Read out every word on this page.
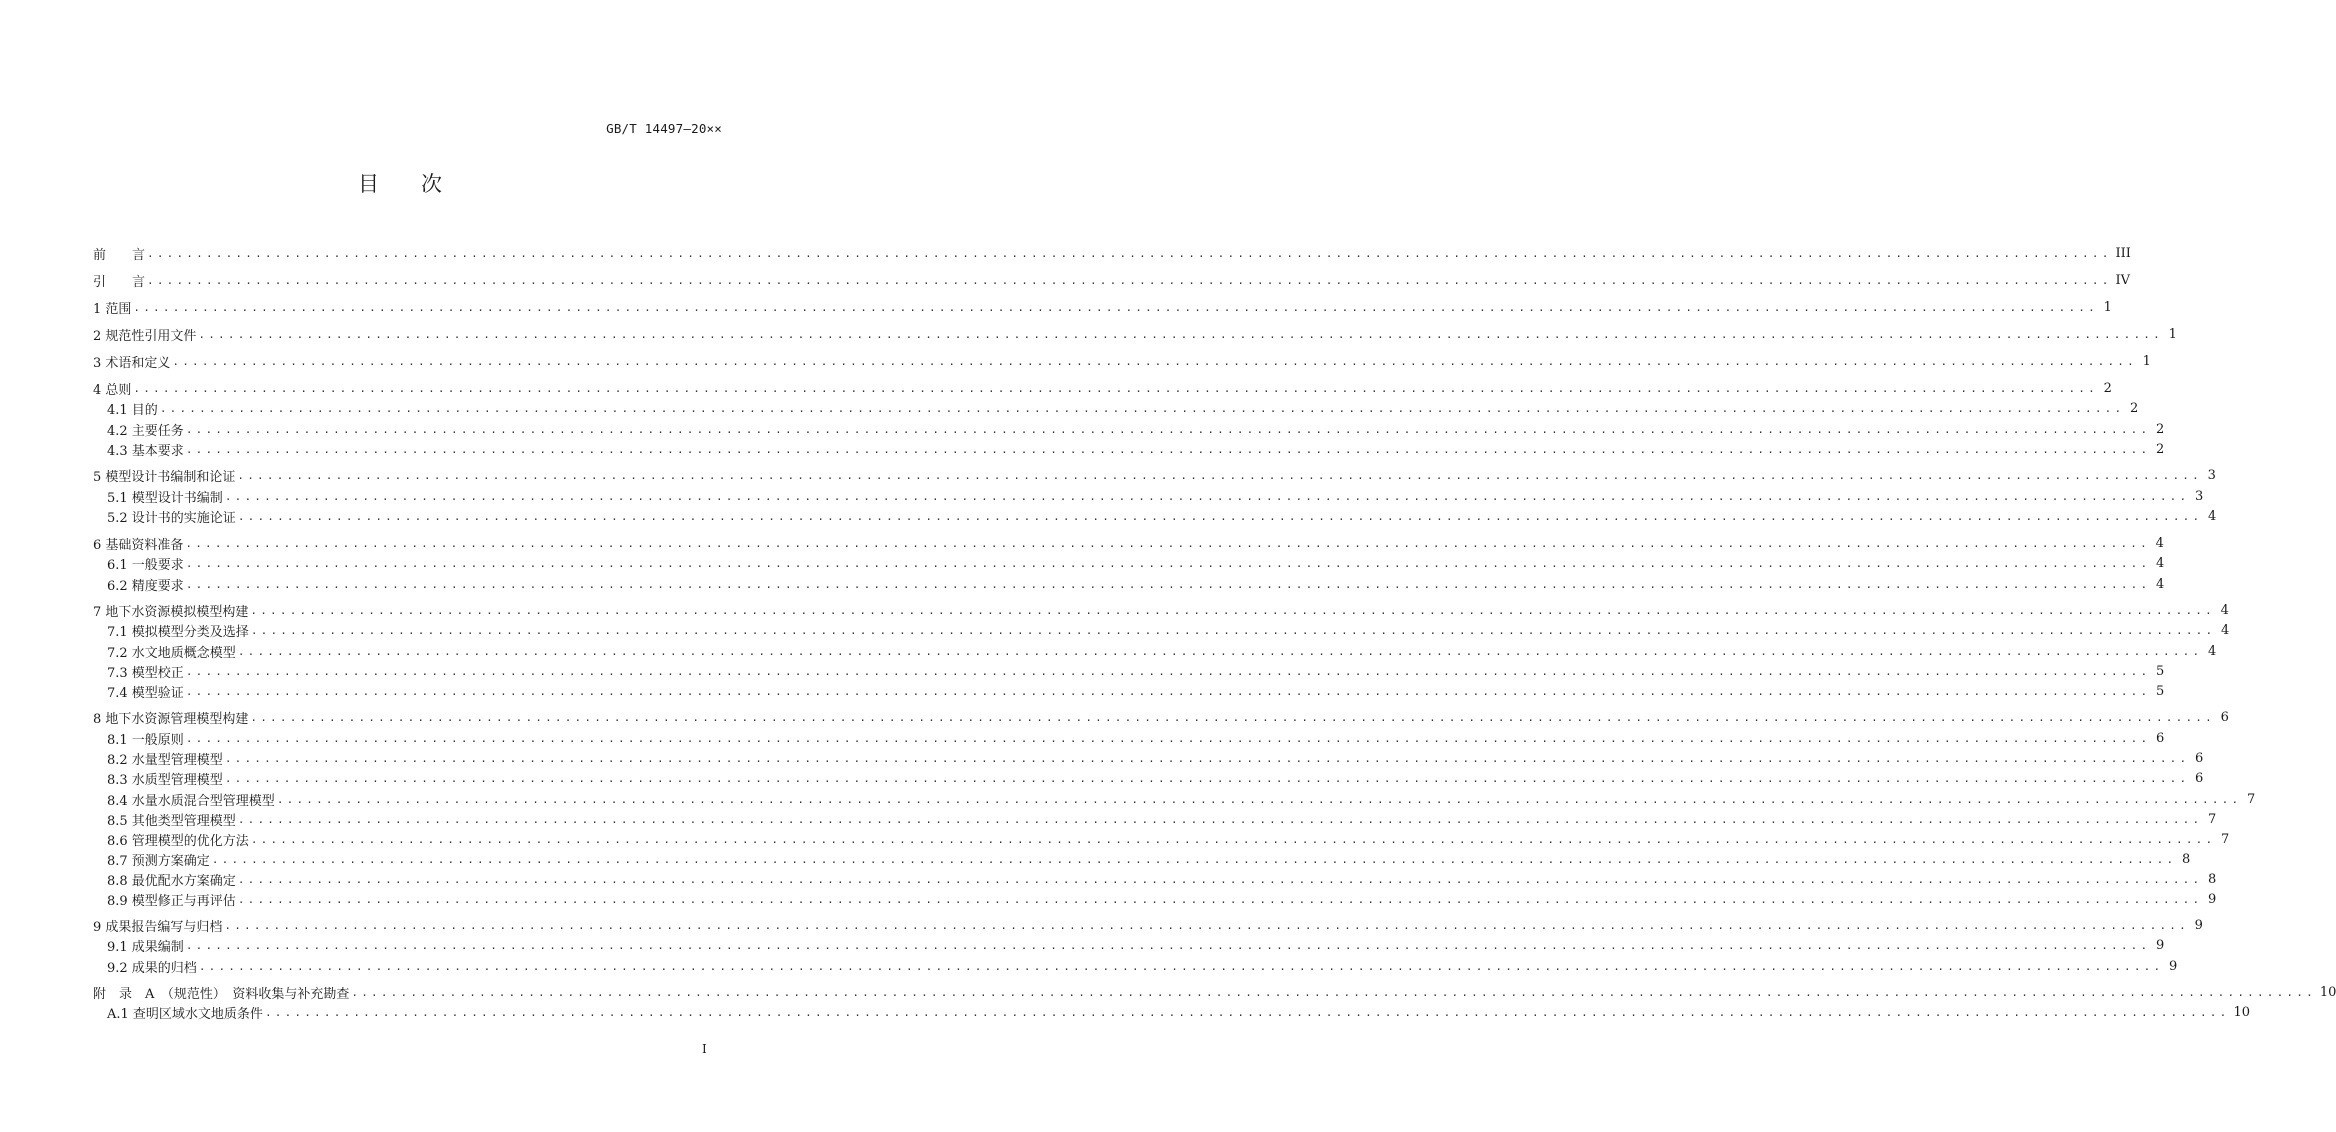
GB/T 14497—20××
目次
前　　言 ........................................................................................................................................................................................................ III
引　　言 ........................................................................................................................................................................................................ IV
1 范围 ........................................................................................................................................................................................................ 1
2 规范性引用文件 ........................................................................................................................................................................................................ 1
3 术语和定义 ........................................................................................................................................................................................................ 1
4 总则 ........................................................................................................................................................................................................ 2
4.1 目的 ........................................................................................................................................................................................................ 2
4.2 主要任务 ........................................................................................................................................................................................................ 2
4.3 基本要求 ........................................................................................................................................................................................................ 2
5 模型设计书编制和论证 ........................................................................................................................................................................................................ 3
5.1 模型设计书编制 ........................................................................................................................................................................................................ 3
5.2 设计书的实施论证 ........................................................................................................................................................................................................ 4
6 基础资料准备 ........................................................................................................................................................................................................ 4
6.1 一般要求 ........................................................................................................................................................................................................ 4
6.2 精度要求 ........................................................................................................................................................................................................ 4
7 地下水资源模拟模型构建 ........................................................................................................................................................................................................ 4
7.1 模拟模型分类及选择 ........................................................................................................................................................................................................ 4
7.2 水文地质概念模型 ........................................................................................................................................................................................................ 4
7.3 模型校正 ........................................................................................................................................................................................................ 5
7.4 模型验证 ........................................................................................................................................................................................................ 5
8 地下水资源管理模型构建 ........................................................................................................................................................................................................ 6
8.1 一般原则 ........................................................................................................................................................................................................ 6
8.2 水量型管理模型 ........................................................................................................................................................................................................ 6
8.3 水质型管理模型 ........................................................................................................................................................................................................ 6
8.4 水量水质混合型管理模型 ........................................................................................................................................................................................................ 7
8.5 其他类型管理模型 ........................................................................................................................................................................................................ 7
8.6 管理模型的优化方法 ........................................................................................................................................................................................................ 7
8.7 预测方案确定 ........................................................................................................................................................................................................ 8
8.8 最优配水方案确定 ........................................................................................................................................................................................................ 8
8.9 模型修正与再评估 ........................................................................................................................................................................................................ 9
9 成果报告编写与归档 ........................................................................................................................................................................................................ 9
9.1 成果编制 ........................................................................................................................................................................................................ 9
9.2 成果的归档 ........................................................................................................................................................................................................ 9
附　录　A　（规范性）　资料收集与补充勘查 ........................................................................................................................................................................................................ 10
A.1 查明区域水文地质条件 ........................................................................................................................................................................................................ 10
I
